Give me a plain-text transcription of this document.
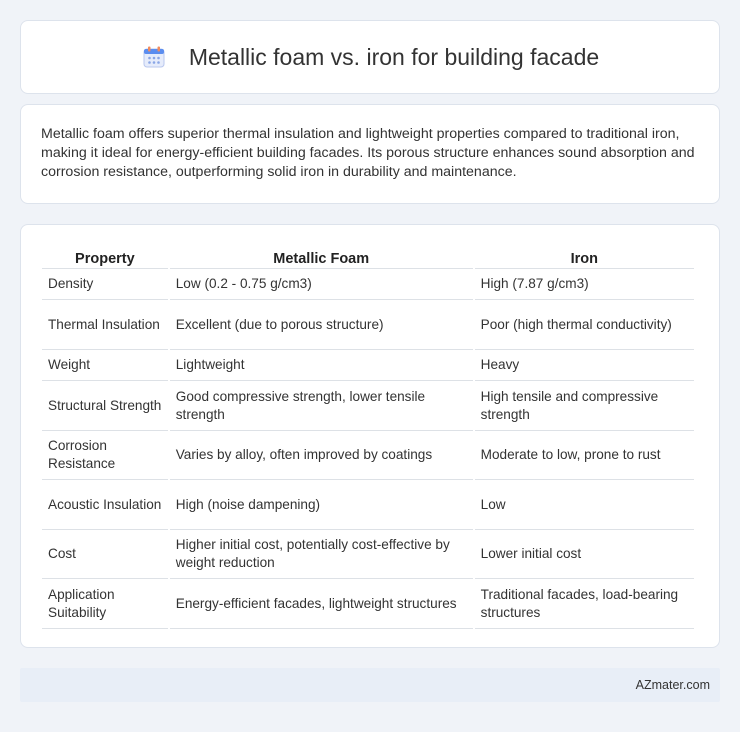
Metallic foam vs. iron for building facade

Metallic foam offers superior thermal insulation and lightweight properties compared to traditional iron, making it ideal for energy-efficient building facades. Its porous structure enhances sound absorption and corrosion resistance, outperforming solid iron in durability and maintenance.

Property	Metallic Foam	Iron
Density	Low (0.2 - 0.75 g/cm3)	High (7.87 g/cm3)
Thermal Insulation	Excellent (due to porous structure)	Poor (high thermal conductivity)
Weight	Lightweight	Heavy
Structural Strength	Good compressive strength, lower tensile strength	High tensile and compressive strength
Corrosion Resistance	Varies by alloy, often improved by coatings	Moderate to low, prone to rust
Acoustic Insulation	High (noise dampening)	Low
Cost	Higher initial cost, potentially cost-effective by weight reduction	Lower initial cost
Application Suitability	Energy-efficient facades, lightweight structures	Traditional facades, load-bearing structures
AZmater.com
